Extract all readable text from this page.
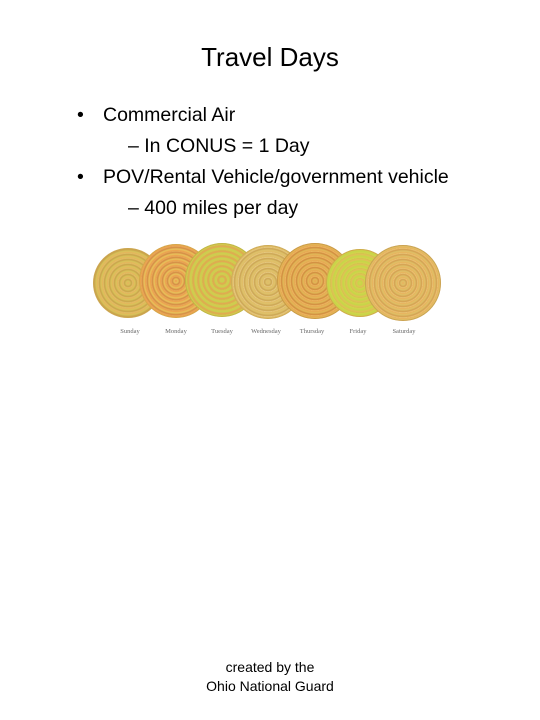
Travel Days
• Commercial Air
– In CONUS = 1 Day
• POV/Rental Vehicle/government vehicle
– 400 miles per day
Sunday	Monday	Tuesday	Wednesday	Thursday	Friday	Saturday
created by the
Ohio National Guard
